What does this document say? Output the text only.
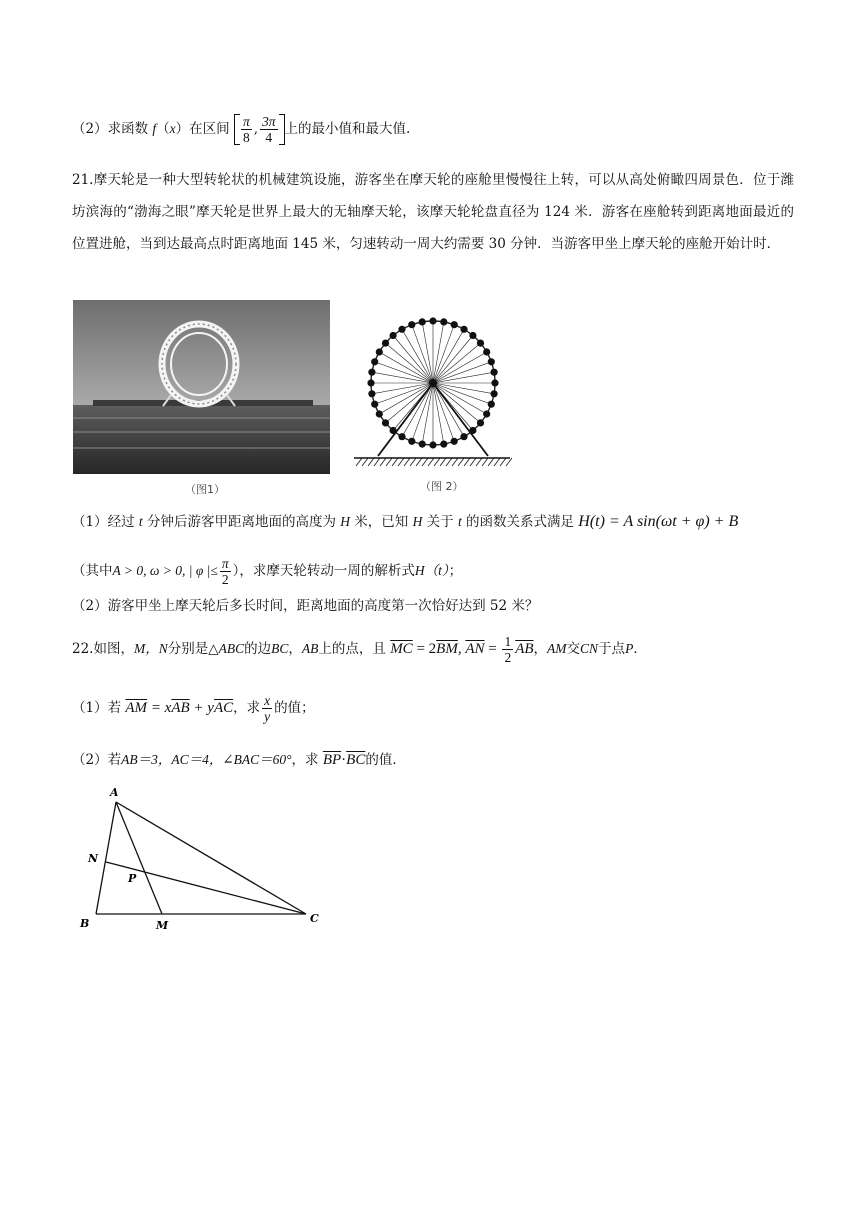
（2）求函数 f（x）在区间 $\frac{\pi}{8}$ , $\frac{3\pi}{4}$ 上的最小值和最大值.
21.摩天轮是一种大型转轮状的机械建筑设施，游客坐在摩天轮的座舱里慢慢往上转，可以从高处俯瞰四周景色．位于潍坊滨海的“渤海之眼”摩天轮是世界上最大的无轴摩天轮，该摩天轮轮盘直径为 124 米．游客在座舱转到距离地面最近的位置进舱，当到达最高点时距离地面 145 米，匀速转动一周大约需要 30 分钟．当游客甲坐上摩天轮的座舱开始计时．
（图1）	（图 2）
（1）经过 t 分钟后游客甲距离地面的高度为 H 米，已知 H 关于 t 的函数关系式满足 H(t) = A sin(ωt + φ) + B
（其中A > 0, ω > 0, | φ |≤ $\frac{\pi}{2}$ ），求摩天轮转动一周的解析式H（t）；
（2）游客甲坐上摩天轮后多长时间，距离地面的高度第一次恰好达到 52 米？
22.如图，M，N分别是△ABC的边BC，AB上的点，且 $\overline{MC} = 2\overline{BM}$, $\overline{AN} = \frac{1}{2} \overline{AB}$，AM交CN于点P．
（1）若 $\overline{AM} = x\overline{AB} + y\overline{AC}$，求 $\frac{x}{y}$ 的值；
（2）若AB＝3，AC＝4，∠BAC＝60°，求 $\overline{BP}\cdot\overline{BC}$的值．
A
B	C
M
N
P
